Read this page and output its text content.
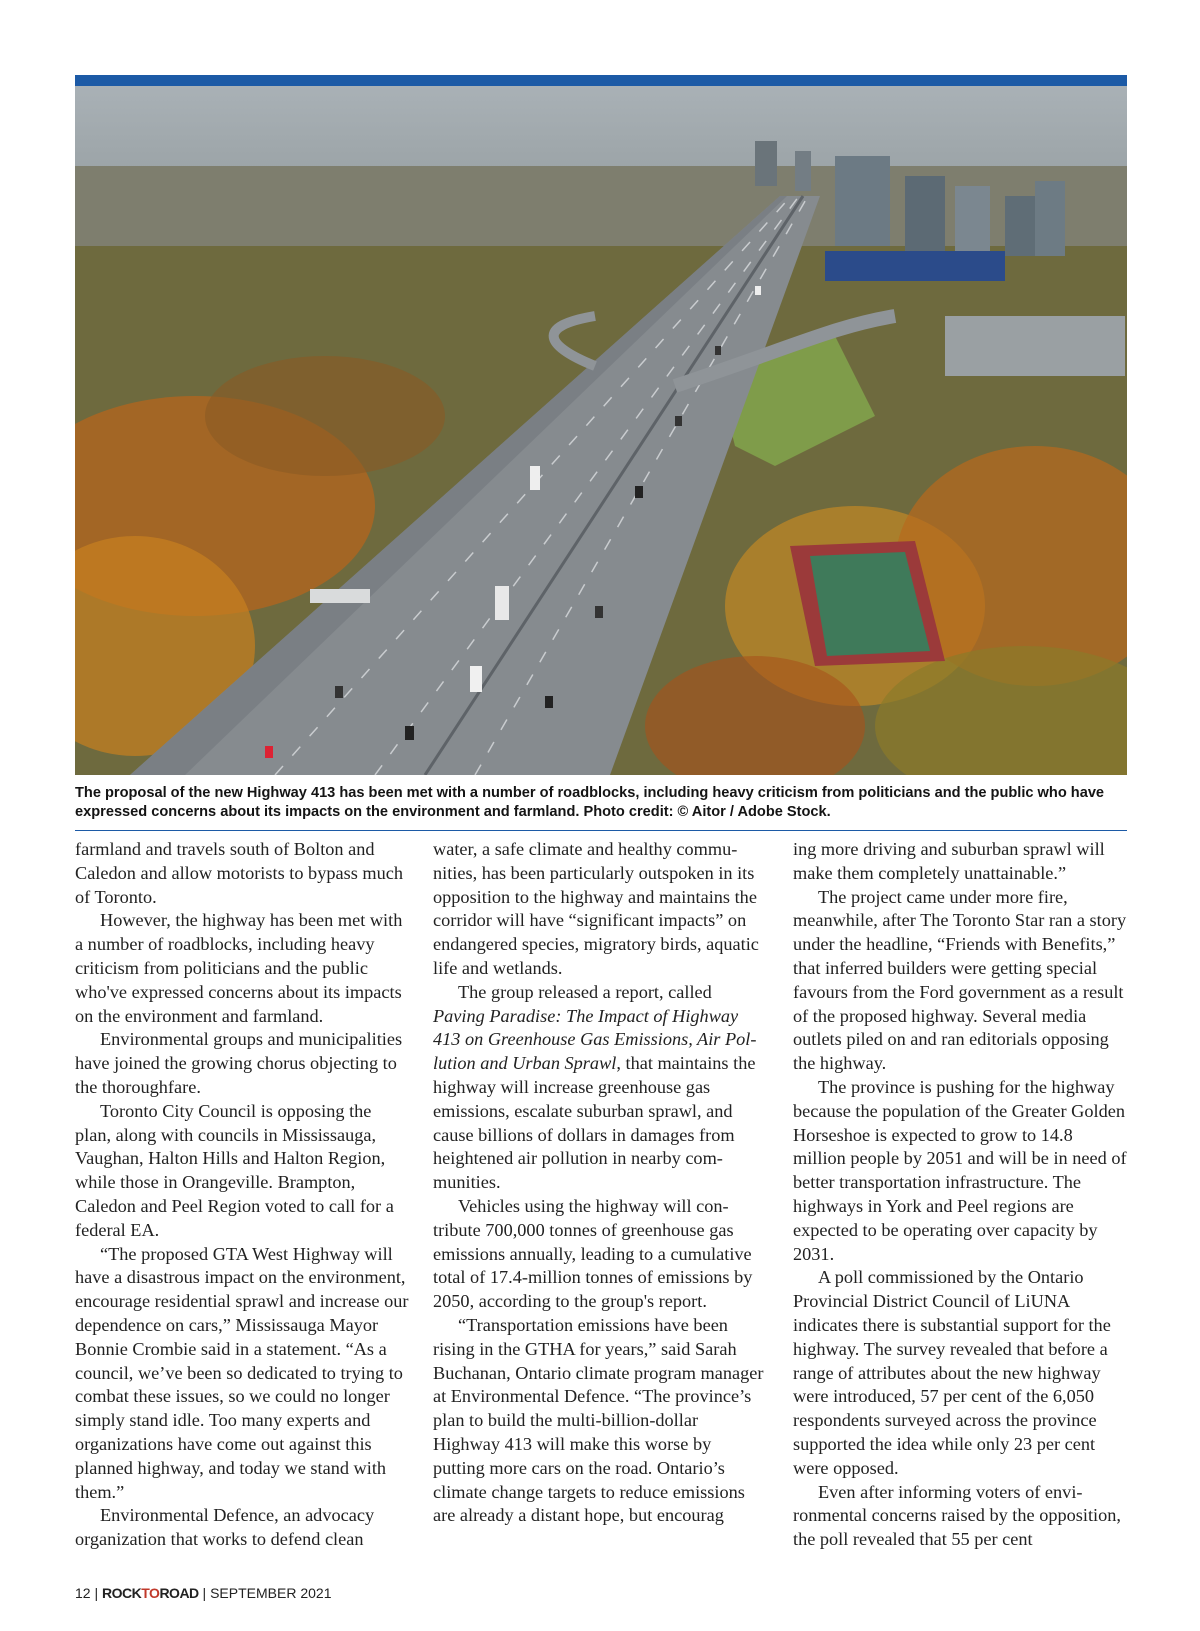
The proposal of the new Highway 413 has been met with a number of roadblocks, including heavy criticism from politicians and the public who have expressed concerns about its impacts on the environment and farmland. Photo credit: © Aitor / Adobe Stock.

farmland and travels south of Bolton and Caledon and allow motorists to bypass much of Toronto.

However, the highway has been met with a number of roadblocks, including heavy criticism from politicians and the public who've expressed concerns about its impacts on the environment and farmland.

Environmental groups and municipalities have joined the growing chorus objecting to the thoroughfare.

Toronto City Council is opposing the plan, along with councils in Mississauga, Vaughan, Halton Hills and Halton Region, while those in Orangeville. Brampton, Caledon and Peel Region voted to call for a federal EA.

“The proposed GTA West Highway will have a disastrous impact on the environment, encourage residential sprawl and increase our dependence on cars,” Mississauga Mayor Bonnie Crombie said in a statement. “As a council, we’ve been so dedicated to trying to combat these issues, so we could no longer simply stand idle. Too many experts and organizations have come out against this planned highway, and today we stand with them.”

Environmental Defence, an advocacy organization that works to defend clean

water, a safe climate and healthy communities, has been particularly outspoken in its opposition to the highway and maintains the corridor will have “significant impacts” on endangered species, migratory birds, aquatic life and wetlands.

The group released a report, called Paving Paradise: The Impact of Highway 413 on Greenhouse Gas Emissions, Air Pollution and Urban Sprawl, that maintains the highway will increase greenhouse gas emissions, escalate suburban sprawl, and cause billions of dollars in damages from heightened air pollution in nearby communities.

Vehicles using the highway will contribute 700,000 tonnes of greenhouse gas emissions annually, leading to a cumulative total of 17.4-million tonnes of emissions by 2050, according to the group's report.

“Transportation emissions have been rising in the GTHA for years,” said Sarah Buchanan, Ontario climate program manager at Environmental Defence. “The province’s plan to build the multi-billion-dollar Highway 413 will make this worse by putting more cars on the road. Ontario’s climate change targets to reduce emissions are already a distant hope, but encourag

ing more driving and suburban sprawl will make them completely unattainable.”

The project came under more fire, meanwhile, after The Toronto Star ran a story under the headline, “Friends with Benefits,” that inferred builders were getting special favours from the Ford government as a result of the proposed highway. Several media outlets piled on and ran editorials opposing the highway.

The province is pushing for the highway because the population of the Greater Golden Horseshoe is expected to grow to 14.8 million people by 2051 and will be in need of better transportation infrastructure. The highways in York and Peel regions are expected to be operating over capacity by 2031.

A poll commissioned by the Ontario Provincial District Council of LiUNA indicates there is substantial support for the highway. The survey revealed that before a range of attributes about the new highway were introduced, 57 per cent of the 6,050 respondents surveyed across the province supported the idea while only 23 per cent were opposed.

Even after informing voters of environmental concerns raised by the opposition, the poll revealed that 55 per cent

12 | ROCKTOROAD | SEPTEMBER 2021
